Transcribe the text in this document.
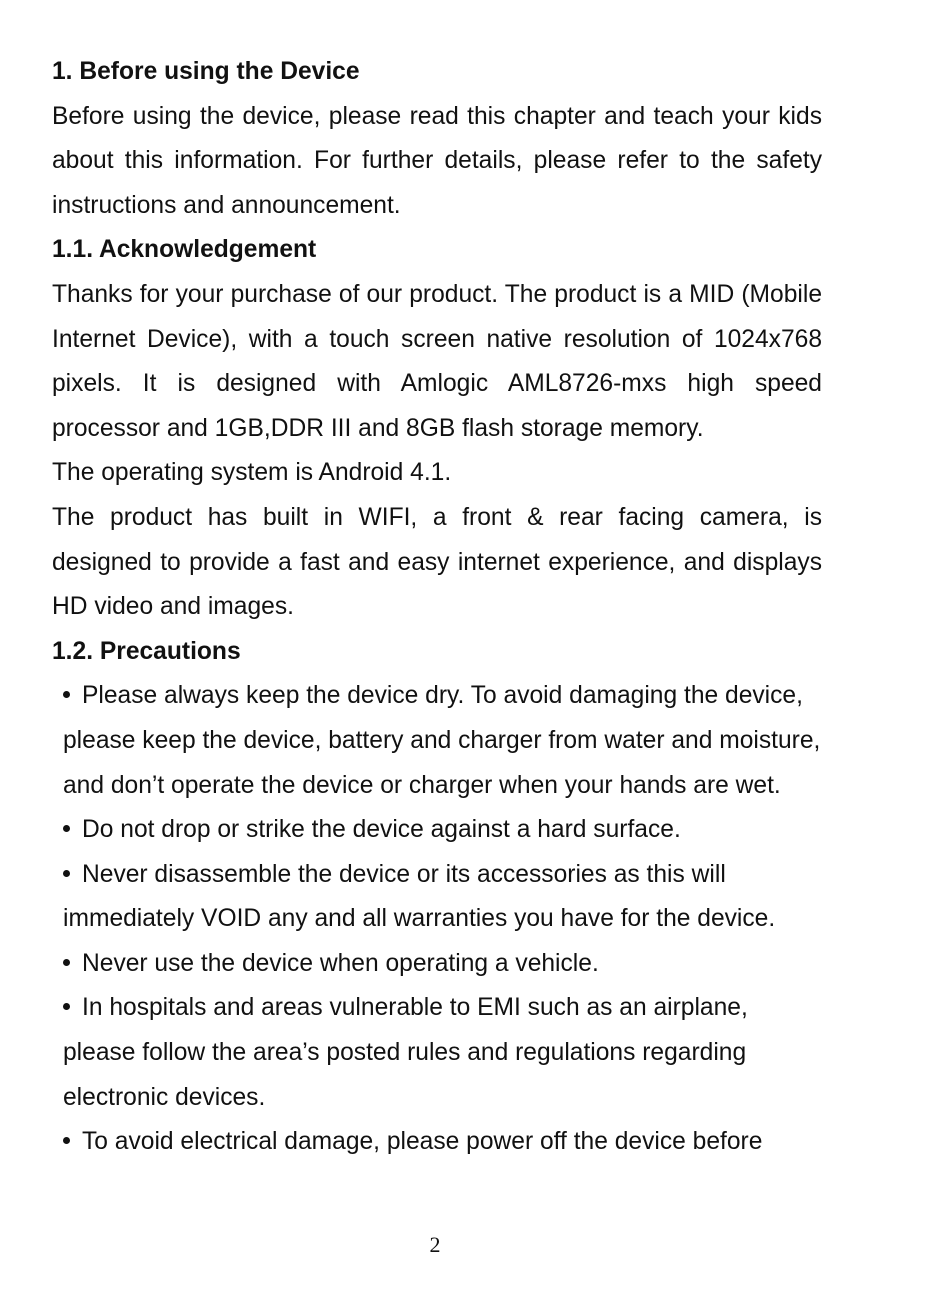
1. Before using the Device

Before using the device, please read this chapter and teach your kids about this information. For further details, please refer to the safety instructions and announcement.

1.1. Acknowledgement

Thanks for your purchase of our product. The product is a MID (Mobile Internet Device), with a touch screen native resolution of 1024x768 pixels. It is designed with Amlogic AML8726-mxs high speed processor and 1GB,DDR III and 8GB flash storage memory.

The operating system is Android 4.1.

The product has built in WIFI, a front & rear facing camera, is designed to provide a fast and easy internet experience, and displays HD video and images.

1.2. Precautions

Please always keep the device dry. To avoid damaging the device, please keep the device, battery and charger from water and moisture, and don’t operate the device or charger when your hands are wet.
Do not drop or strike the device against a hard surface.
Never disassemble the device or its accessories as this will immediately VOID any and all warranties you have for the device.
Never use the device when operating a vehicle.
In hospitals and areas vulnerable to EMI such as an airplane, please follow the area’s posted rules and regulations regarding electronic devices.
To avoid electrical damage, please power off the device before
2
